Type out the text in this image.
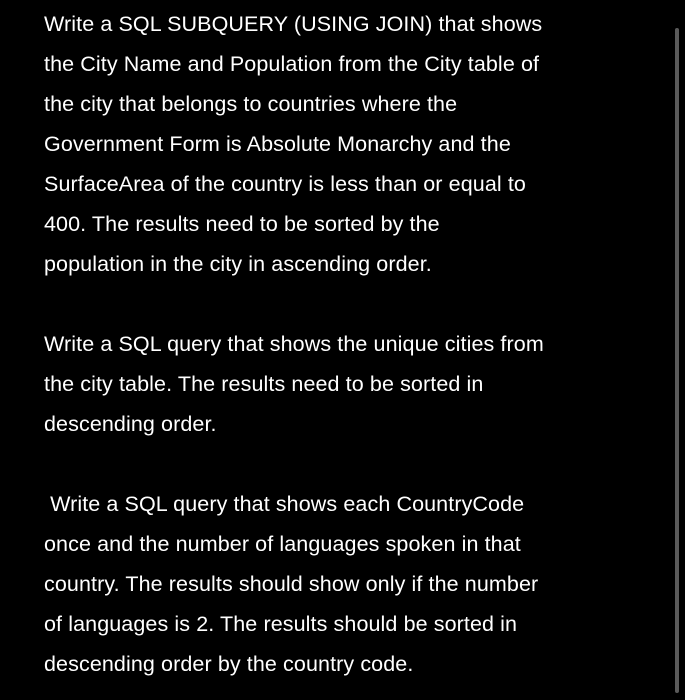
Write a SQL SUBQUERY (USING JOIN) that shows
the City Name and Population from the City table of
the city that belongs to countries where the
Government Form is Absolute Monarchy and the
SurfaceArea of the country is less than or equal to
400. The results need to be sorted by the
population in the city in ascending order.

Write a SQL query that shows the unique cities from
the city table. The results need to be sorted in
descending order.

Write a SQL query that shows each CountryCode
once and the number of languages spoken in that
country. The results should show only if the number
of languages is 2. The results should be sorted in
descending order by the country code.
